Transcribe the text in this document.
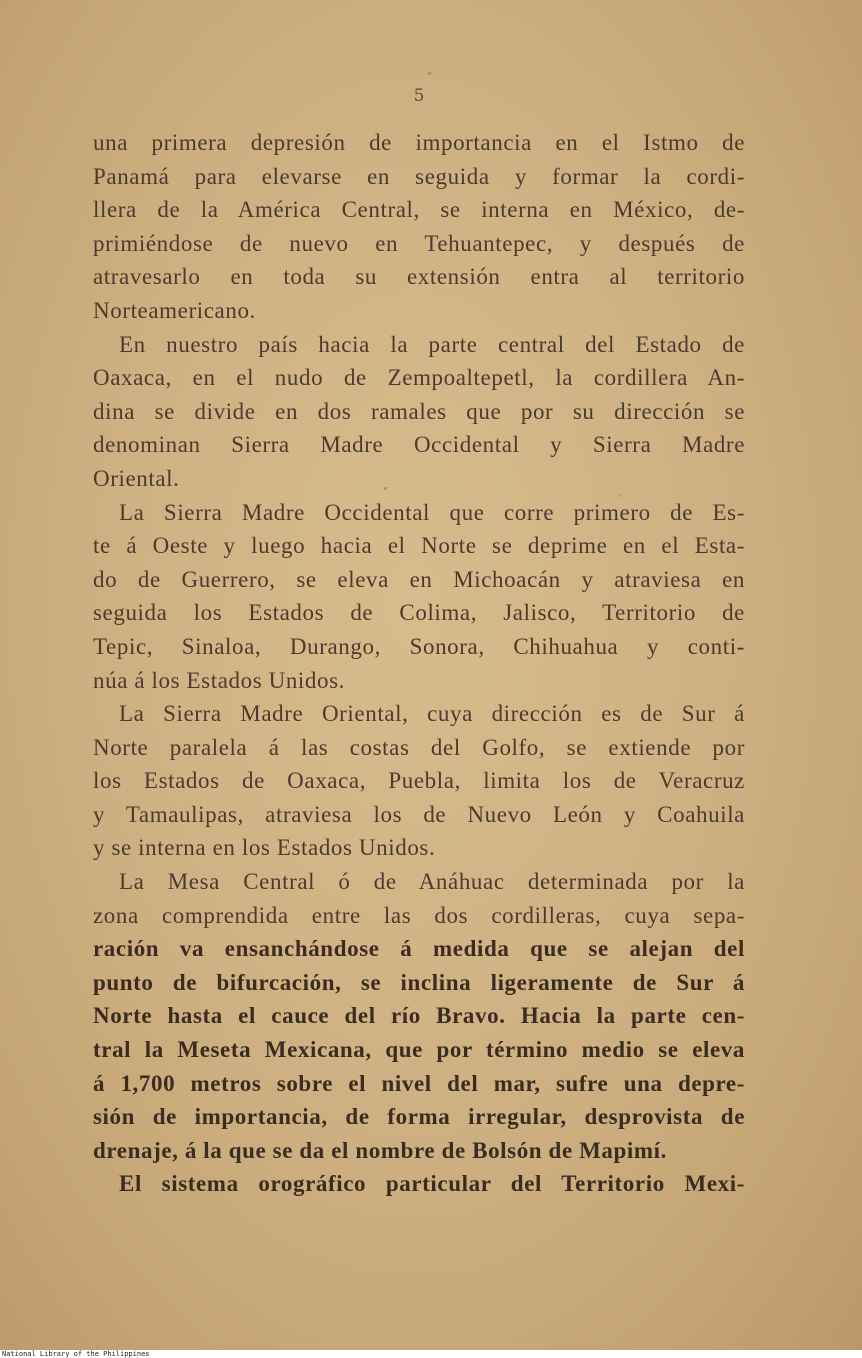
5
una primera depresión de importancia en el Istmo de
Panamá para elevarse en seguida y formar la cordi-
llera de la América Central, se interna en México, de-
primiéndose de nuevo en Tehuantepec, y después de
atravesarlo en toda su extensión entra al territorio
Norteamericano.
En nuestro país hacia la parte central del Estado de
Oaxaca, en el nudo de Zempoaltepetl, la cordillera An-
dina se divide en dos ramales que por su dirección se
denominan Sierra Madre Occidental y Sierra Madre
Oriental.
La Sierra Madre Occidental que corre primero de Es-
te á Oeste y luego hacia el Norte se deprime en el Esta-
do de Guerrero, se eleva en Michoacán y atraviesa en
seguida los Estados de Colima, Jalisco, Territorio de
Tepic, Sinaloa, Durango, Sonora, Chihuahua y conti-
núa á los Estados Unidos.
La Sierra Madre Oriental, cuya dirección es de Sur á
Norte paralela á las costas del Golfo, se extiende por
los Estados de Oaxaca, Puebla, limita los de Veracruz
y Tamaulipas, atraviesa los de Nuevo León y Coahuila
y se interna en los Estados Unidos.
La Mesa Central ó de Anáhuac determinada por la
zona comprendida entre las dos cordilleras, cuya sepa-
ración va ensanchándose á medida que se alejan del
punto de bifurcación, se inclina ligeramente de Sur á
Norte hasta el cauce del río Bravo. Hacia la parte cen-
tral la Meseta Mexicana, que por término medio se eleva
á 1,700 metros sobre el nivel del mar, sufre una depre-
sión de importancia, de forma irregular, desprovista de
drenaje, á la que se da el nombre de Bolsón de Mapimí.
El sistema orográfico particular del Territorio Mexi-
National Library of the Philippines
